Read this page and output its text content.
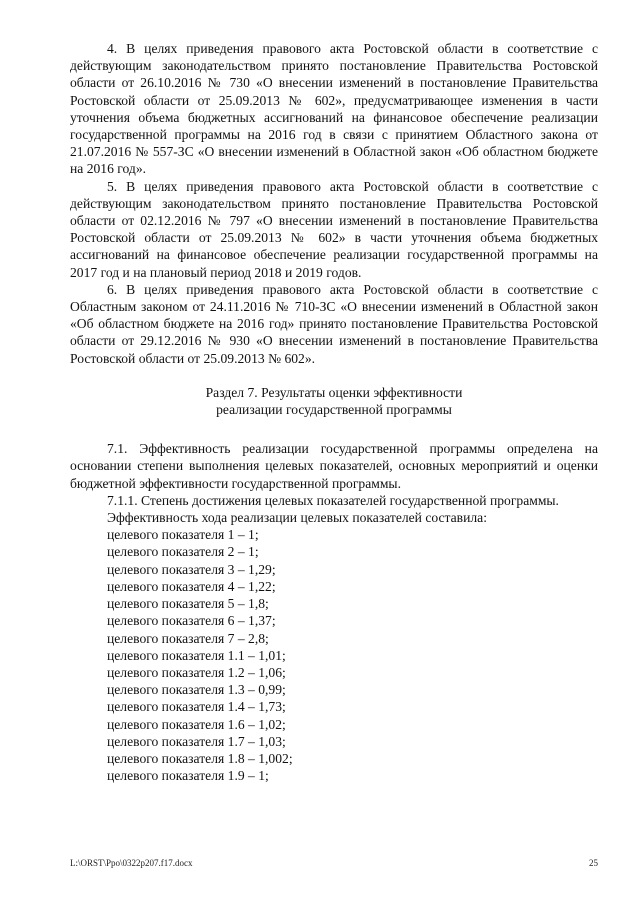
4. В целях приведения правового акта Ростовской области в соответствие с действующим законодательством принято постановление Правительства Ростовской области от 26.10.2016 № 730 «О внесении изменений в постановление Правительства Ростовской области от 25.09.2013 № 602», предусматривающее изменения в части уточнения объема бюджетных ассигнований на финансовое обеспечение реализации государственной программы на 2016 год в связи с принятием Областного закона от 21.07.2016 № 557-ЗС «О внесении изменений в Областной закон «Об областном бюджете на 2016 год».

5. В целях приведения правового акта Ростовской области в соответствие с действующим законодательством принято постановление Правительства Ростовской области от 02.12.2016 № 797 «О внесении изменений в постановление Правительства Ростовской области от 25.09.2013 № 602» в части уточнения объема бюджетных ассигнований на финансовое обеспечение реализации государственной программы на 2017 год и на плановый период 2018 и 2019 годов.

6. В целях приведения правового акта Ростовской области в соответствие с Областным законом от 24.11.2016 № 710-ЗС «О внесении изменений в Областной закон «Об областном бюджете на 2016 год» принято постановление Правительства Ростовской области от 29.12.2016 № 930 «О внесении изменений в постановление Правительства Ростовской области от 25.09.2013 № 602».

Раздел 7. Результаты оценки эффективности

реализации государственной программы

7.1. Эффективность реализации государственной программы определена на основании степени выполнения целевых показателей, основных мероприятий и оценки бюджетной эффективности государственной программы.

7.1.1. Степень достижения целевых показателей государственной программы.

Эффективность хода реализации целевых показателей составила:

целевого показателя 1 – 1;

целевого показателя 2 – 1;

целевого показателя 3 – 1,29;

целевого показателя 4 – 1,22;

целевого показателя 5 – 1,8;

целевого показателя 6 – 1,37;

целевого показателя 7 – 2,8;

целевого показателя 1.1 – 1,01;

целевого показателя 1.2 – 1,06;

целевого показателя 1.3 – 0,99;

целевого показателя 1.4 – 1,73;

целевого показателя 1.6 – 1,02;

целевого показателя 1.7 – 1,03;

целевого показателя 1.8 – 1,002;

целевого показателя 1.9 – 1;

L:\ORST\Ppo\0322p207.f17.docx	25
